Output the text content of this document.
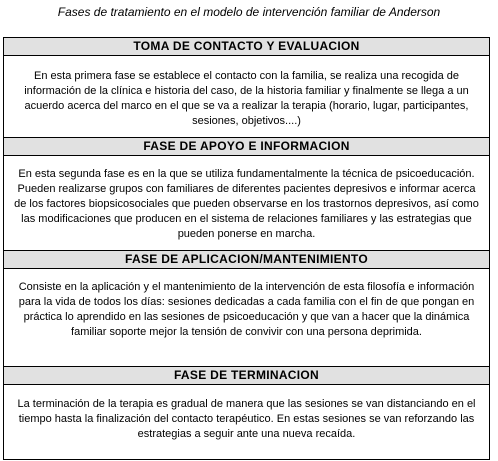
Fases de tratamiento en el modelo de intervención familiar de Anderson
TOMA DE CONTACTO Y EVALUACION
En esta primera fase se establece el contacto con la familia, se realiza una recogida de información de la clínica e historia del caso, de la historia familiar y finalmente se llega a un acuerdo acerca del marco en el que se va a realizar la terapia (horario, lugar, participantes, sesiones, objetivos....)
FASE DE APOYO E INFORMACION
En esta segunda fase es en la que se utiliza fundamentalmente la técnica de psicoeducación. Pueden realizarse grupos con familiares de diferentes pacientes depresivos e informar acerca de los factores biopsicosociales que pueden observarse en los trastornos depresivos, así como las modificaciones que producen en el sistema de relaciones familiares y las estrategias que pueden ponerse en marcha.
FASE DE APLICACION/MANTENIMIENTO
Consiste en la aplicación y el mantenimiento de la intervención de esta filosofía e información para la vida de todos los días: sesiones dedicadas a cada familia con el fin de que pongan en práctica lo aprendido en las sesiones de psicoeducación y que van a hacer que la dinámica familiar soporte mejor la tensión de convivir con una persona deprimida.
FASE DE TERMINACION
La terminación de la terapia es gradual de manera que las sesiones se van distanciando en el tiempo hasta la finalización del contacto terapéutico. En estas sesiones se van reforzando las estrategias a seguir ante una nueva recaída.
